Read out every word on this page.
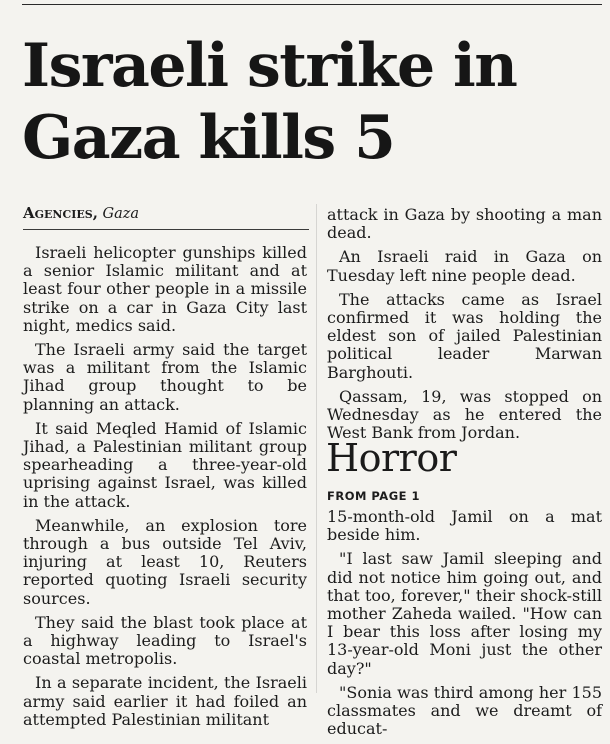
Israeli strike in Gaza kills 5
Agencies, Gaza

Israeli helicopter gunships killed a senior Islamic militant and at least four other people in a missile strike on a car in Gaza City last night, medics said.

The Israeli army said the target was a militant from the Islamic Jihad group thought to be planning an attack.

It said Meqled Hamid of Islamic Jihad, a Palestinian militant group spearheading a three-year-old uprising against Israel, was killed in the attack.

Meanwhile, an explosion tore through a bus outside Tel Aviv, injuring at least 10, Reuters reported quoting Israeli security sources.

They said the blast took place at a highway leading to Israel's coastal metropolis.

In a separate incident, the Israeli army said earlier it had foiled an attempted Palestinian militant

attack in Gaza by shooting a man dead.

An Israeli raid in Gaza on Tuesday left nine people dead.

The attacks came as Israel confirmed it was holding the eldest son of jailed Palestinian political leader Marwan Barghouti.

Qassam, 19, was stopped on Wednesday as he entered the West Bank from Jordan.

Horror
FROM PAGE 1

15-month-old Jamil on a mat beside him.

"I last saw Jamil sleeping and did not notice him going out, and that too, forever," their shock-still mother Zaheda wailed. "How can I bear this loss after losing my 13-year-old Moni just the other day?"

"Sonia was third among her 155 classmates and we dreamt of educat-
